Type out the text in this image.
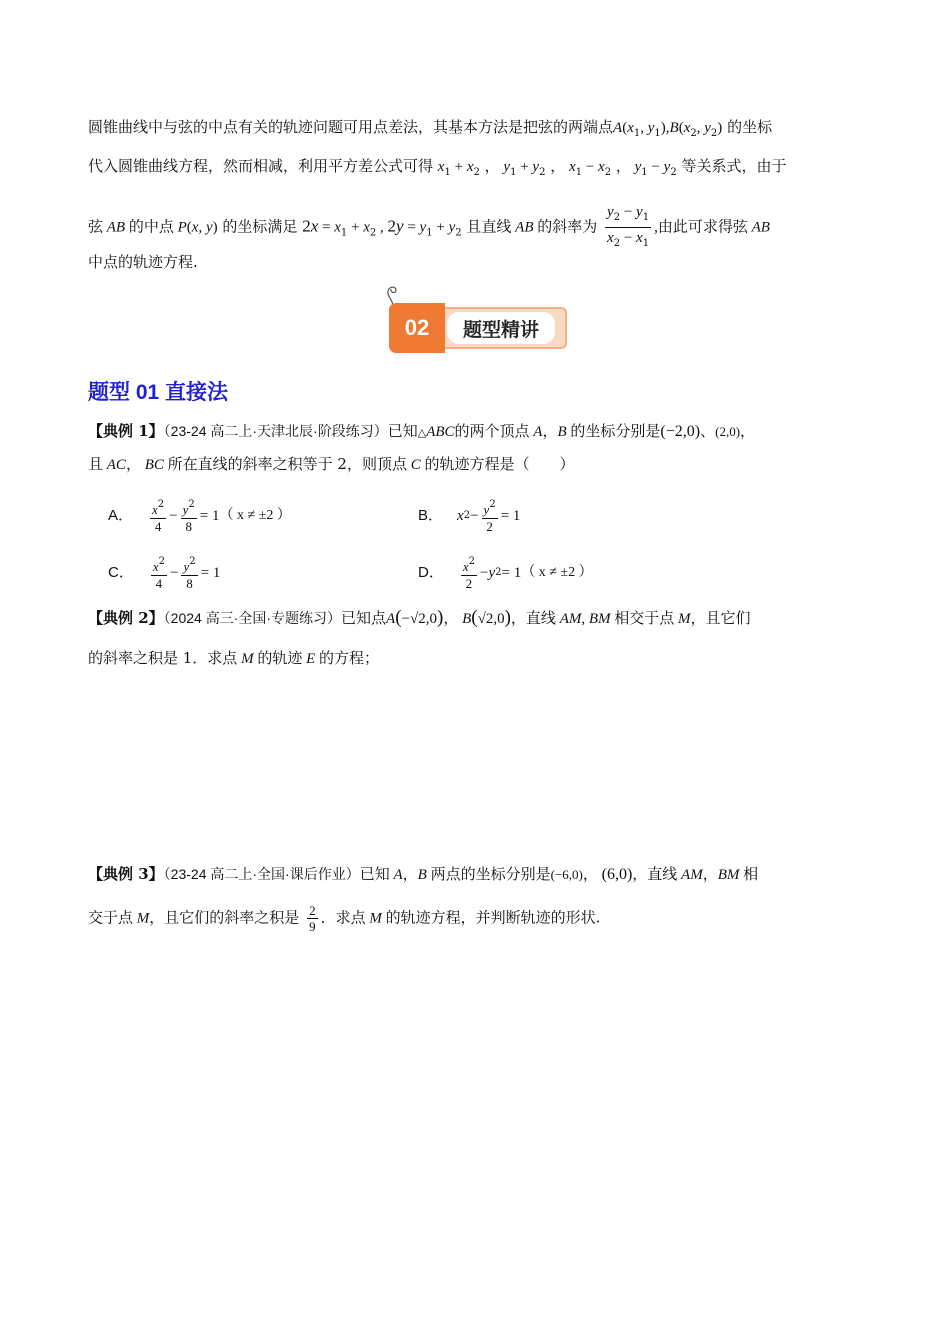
圆锥曲线中与弦的中点有关的轨迹问题可用点差法，其基本方法是把弦的两端点$A(x_1$, $y_1),B(x_2$, $y_2$) 的坐标
代入圆锥曲线方程，然而相减，利用平方差公式可得 $x_1 + x_2$ ， $y_1 + y_2$ ， $x_1 - x_2$ ， $y_1 - y_2$ 等关系式，由于
弦 AB 的中点 P(x, y) 的坐标满足 $2x = x_1 + x_2$ , $2y = y_1 + y_2$ 且直线 AB 的斜率为 $\frac{y_2 - y_1}{x_2 - x_1}$ ,由此可求得弦 AB
中点的轨迹方程.
题型精讲
02
题型 01 直接法
【典例 1】（23-24 高二上·天津北辰·阶段练习）已知△ABC的两个顶点 A，B 的坐标分别是(−2,0)、(2,0)，
且 AC， BC 所在直线的斜率之积等于 2，则顶点 C 的轨迹方程是（　　）
A． $\frac{x^2}{4} - \frac{y^2}{8} = 1$ （ x ≠ ±2 ）	B． x $2 - \frac{y^2}{2} = 1$
C． $\frac{x^2}{4} - \frac{y^2}{8} = 1$	D． $\frac{x^2}{2} - y$ 2 = 1 （ x ≠ ±2 ）
【典例 2】（2024 高三·全国·专题练习）已知点A(−√2,0)， B(√2,0)，直线 AM, BM 相交于点 M，且它们
的斜率之积是 1．求点 M 的轨迹 E 的方程；
【典例 3】（23-24 高二上·全国·课后作业）已知 A，B 两点的坐标分别是(−6,0)， (6,0)，直线 AM，BM 相
交于点 M，且它们的斜率之积是 $\frac{2}{9}$ ．求点 M 的轨迹方程，并判断轨迹的形状.
